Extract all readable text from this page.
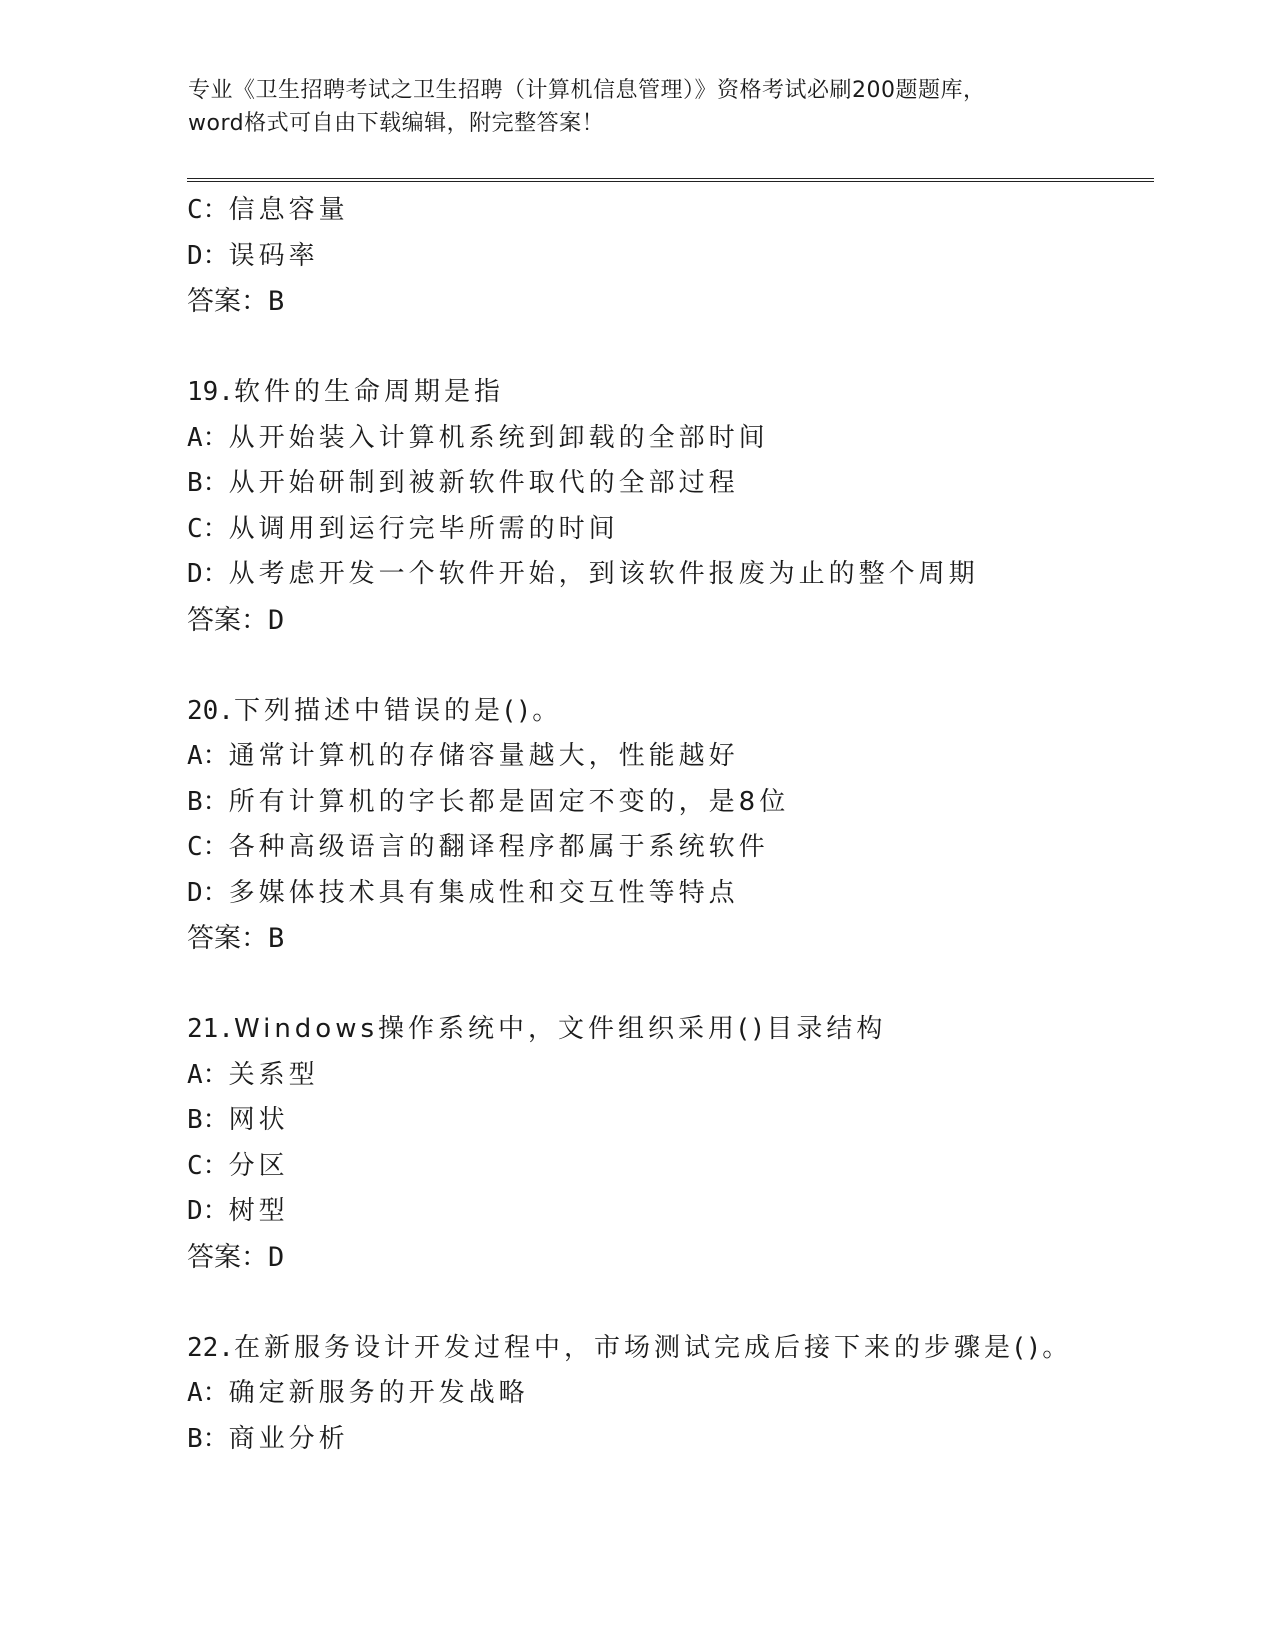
专业《卫生招聘考试之卫生招聘（计算机信息管理）》资格考试必刷200题题库，
word格式可自由下载编辑，附完整答案！
C：信息容量
D：误码率
答案：B
19.软件的生命周期是指
A：从开始装入计算机系统到卸载的全部时间
B：从开始研制到被新软件取代的全部过程
C：从调用到运行完毕所需的时间
D：从考虑开发一个软件开始，到该软件报废为止的整个周期
答案：D
20.下列描述中错误的是()。
A：通常计算机的存储容量越大，性能越好
B：所有计算机的字长都是固定不变的，是8位
C：各种高级语言的翻译程序都属于系统软件
D：多媒体技术具有集成性和交互性等特点
答案：B
21.Windows操作系统中，文件组织采用()目录结构
A：关系型
B：网状
C：分区
D：树型
答案：D
22.在新服务设计开发过程中，市场测试完成后接下来的步骤是()。
A：确定新服务的开发战略
B：商业分析
